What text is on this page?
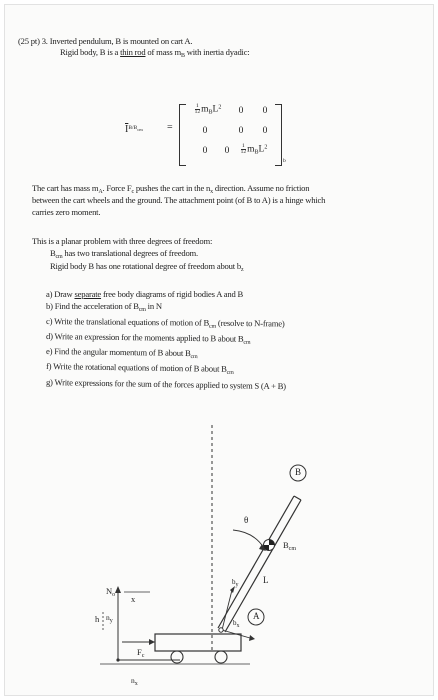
(25 pt) 3. Inverted pendulum, B is mounted on cart A.
Rigid body, B is a thin rod of mass $m_B$ with inertia dyadic:
$\overline{I}^{B/B_{cm}}$ =
$\frac{1}{12} m_BL^2$	0	0
0	0	0
0	0	$\frac{1}{12} m_BL^2$
b
The cart has mass $m_A$. Force $F_c$ pushes the cart in the $n_x$ direction. Assume no friction
between the cart wheels and the ground. The attachment point (of B to A) is a hinge which
carries zero moment.
This is a planar problem with three degrees of freedom:
$B_{cm}$ has two translational degrees of freedom.
Rigid body B has one rotational degree of freedom about $b_z$
a) Draw separate free body diagrams of rigid bodies A and B
b) Find the acceleration of $B_{cm}$ in N
c) Write the translational equations of motion of $B_{cm}$ (resolve to N-frame)
d) Write an expression for the moments applied to B about $B_{cm}$
e) Find the angular momentum of B about $B_{cm}$
f) Write the rotational equations of motion of B about $B_{cm}$
g) Write expressions for the sum of the forces applied to system S (A + B)
B
A
θ
$B_{cm}$
L
$N_o$ x
h $n_y$
$n_x$
$F_c$
$b_y$
$b_x$
